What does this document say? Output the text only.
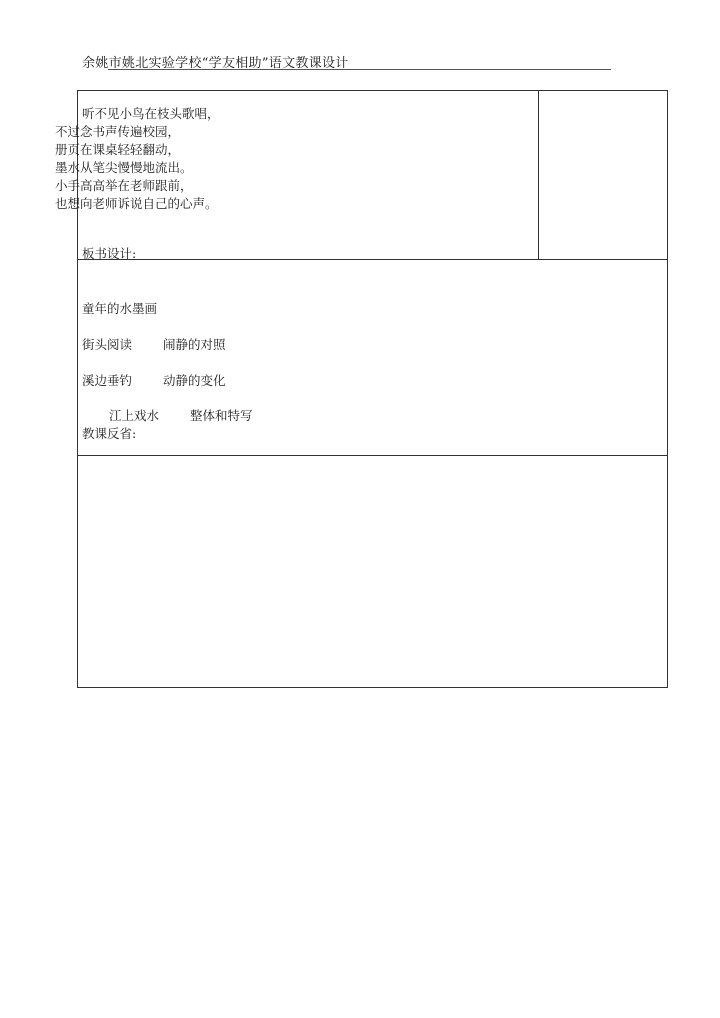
余姚市姚北实验学校“学友相助”语文教课设计
听不见小鸟在枝头歌唱，
不过念书声传遍校园，
册页在课桌轻轻翻动，
墨水从笔尖慢慢地流出。
小手高高举在老师跟前，
也想向老师诉说自己的心声。
板书设计:
童年的水墨画
街头阅读 闹静的对照
溪边垂钓 动静的变化
江上戏水 整体和特写
教课反省:
